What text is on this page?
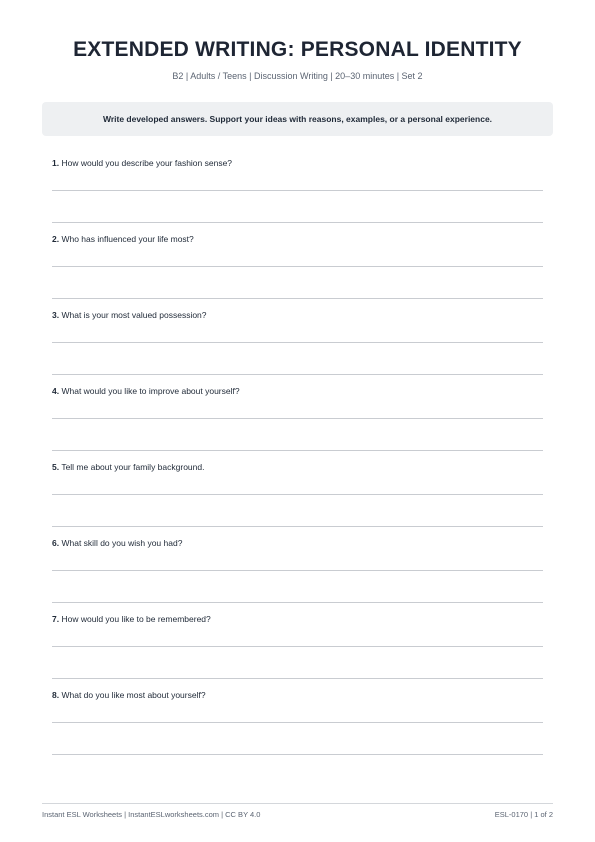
EXTENDED WRITING: PERSONAL IDENTITY
B2 | Adults / Teens | Discussion Writing | 20–30 minutes | Set 2
Write developed answers. Support your ideas with reasons, examples, or a personal experience.
1. How would you describe your fashion sense?
2. Who has influenced your life most?
3. What is your most valued possession?
4. What would you like to improve about yourself?
5. Tell me about your family background.
6. What skill do you wish you had?
7. How would you like to be remembered?
8. What do you like most about yourself?
Instant ESL Worksheets | InstantESLworksheets.com | CC BY 4.0	ESL-0170 | 1 of 2
